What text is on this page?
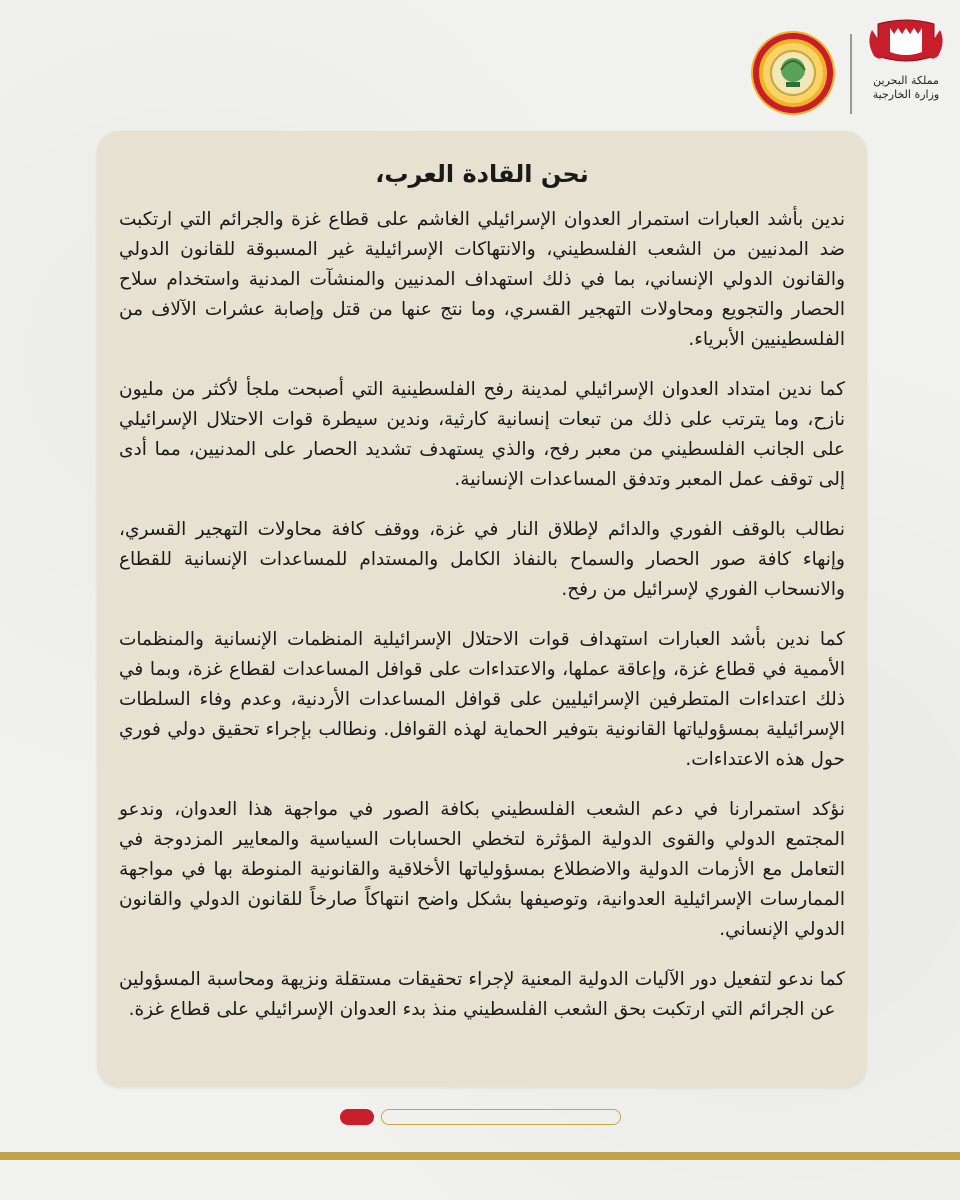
مملكة البحرين وزارة الخارجية
نحن القادة العرب،

ندين بأشد العبارات استمرار العدوان الإسرائيلي الغاشم على قطاع غزة والجرائم التي ارتكبت ضد المدنيين من الشعب الفلسطيني، والانتهاكات الإسرائيلية غير المسبوقة للقانون الدولي والقانون الدولي الإنساني، بما في ذلك استهداف المدنيين والمنشآت المدنية واستخدام سلاح الحصار والتجويع ومحاولات التهجير القسري، وما نتج عنها من قتل وإصابة عشرات الآلاف من الفلسطينيين الأبرياء.

كما ندين امتداد العدوان الإسرائيلي لمدينة رفح الفلسطينية التي أصبحت ملجأ لأكثر من مليون نازح، وما يترتب على ذلك من تبعات إنسانية كارثية، وندين سيطرة قوات الاحتلال الإسرائيلي على الجانب الفلسطيني من معبر رفح، والذي يستهدف تشديد الحصار على المدنيين، مما أدى إلى توقف عمل المعبر وتدفق المساعدات الإنسانية.

نطالب بالوقف الفوري والدائم لإطلاق النار في غزة، ووقف كافة محاولات التهجير القسري، وإنهاء كافة صور الحصار والسماح بالنفاذ الكامل والمستدام للمساعدات الإنسانية للقطاع والانسحاب الفوري لإسرائيل من رفح.

كما ندين بأشد العبارات استهداف قوات الاحتلال الإسرائيلية المنظمات الإنسانية والمنظمات الأممية في قطاع غزة، وإعاقة عملها، والاعتداءات على قوافل المساعدات لقطاع غزة، وبما في ذلك اعتداءات المتطرفين الإسرائيليين على قوافل المساعدات الأردنية، وعدم وفاء السلطات الإسرائيلية بمسؤولياتها القانونية بتوفير الحماية لهذه القوافل. ونطالب بإجراء تحقيق دولي فوري حول هذه الاعتداءات.

نؤكد استمرارنا في دعم الشعب الفلسطيني بكافة الصور في مواجهة هذا العدوان، وندعو المجتمع الدولي والقوى الدولية المؤثرة لتخطي الحسابات السياسية والمعايير المزدوجة في التعامل مع الأزمات الدولية والاضطلاع بمسؤولياتها الأخلاقية والقانونية المنوطة بها في مواجهة الممارسات الإسرائيلية العدوانية، وتوصيفها بشكل واضح انتهاكاً صارخاً للقانون الدولي والقانون الدولي الإنساني.

كما ندعو لتفعيل دور الآليات الدولية المعنية لإجراء تحقيقات مستقلة ونزيهة ومحاسبة المسؤولين عن الجرائم التي ارتكبت بحق الشعب الفلسطيني منذ بدء العدوان الإسرائيلي على قطاع غزة.
